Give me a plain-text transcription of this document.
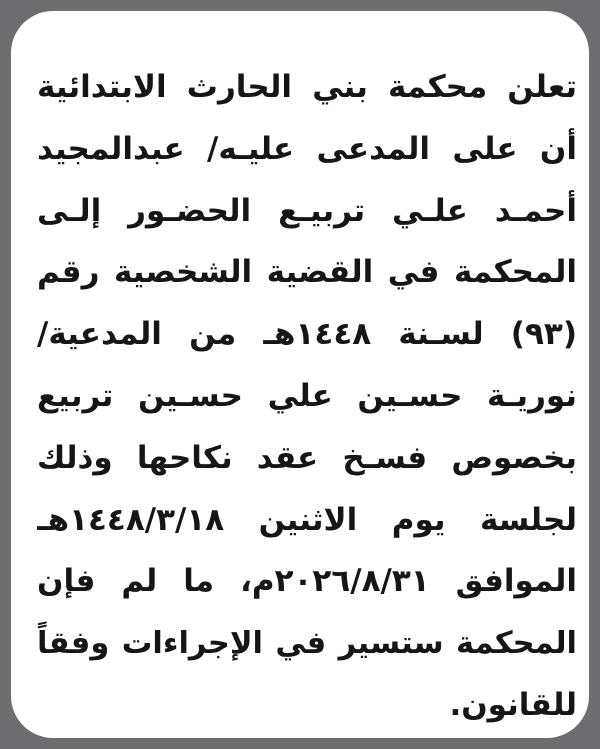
تعلن محكمة بني الحارث الابتدائية
أن على المدعى عليـه/ عبدالمجيد
أحمـد علـي تربيـع الحضـور إلـى
المحكمة في القضية الشخصية رقم
(٩٣) لسـنة ١٤٤٨هـ من المدعية/
نوريـة حسـين علي حسـين تربيع
بخصوص فسـخ عقد نكاحها وذلك
لجلسة يوم الاثنين ١٤٤٨/٣/١٨هـ
الموافق ٢٠٢٦/٨/٣١م، ما لم فإن
المحكمة ستسير في الإجراءات وفقاً
للقانون.
